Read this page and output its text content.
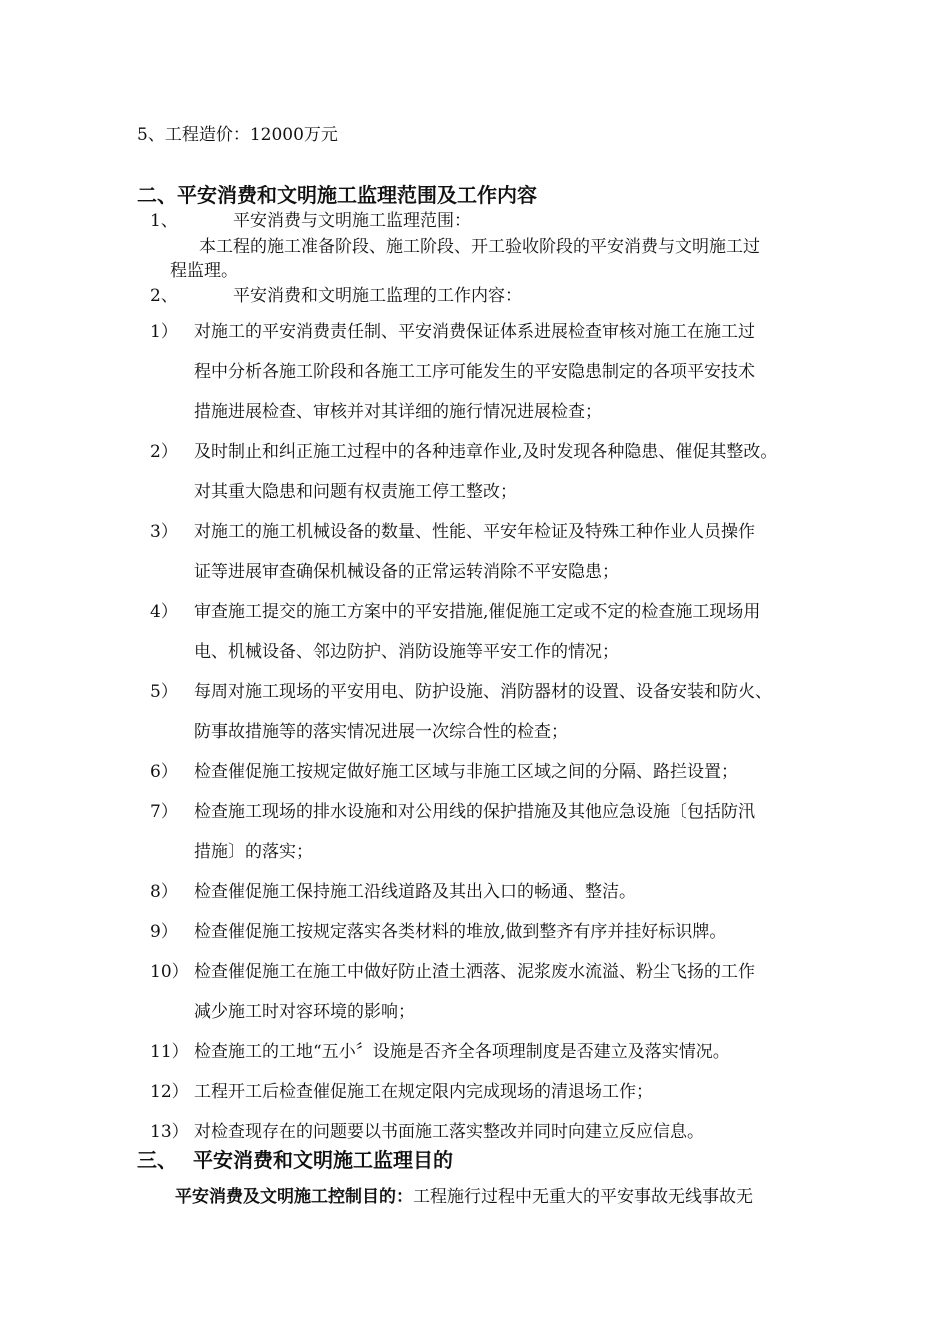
5、工程造价：12000万元
二、平安消费和文明施工监理范围及工作内容
1、	平安消费与文明施工监理范围：
本工程的施工准备阶段、施工阶段、开工验收阶段的平安消费与文明施工过
程监理。
2、	平安消费和文明施工监理的工作内容：
1） 对施工的平安消费责任制、平安消费保证体系进展检查审核对施工在施工过
程中分析各施工阶段和各施工工序可能发生的平安隐患制定的各项平安技术
措施进展检查、审核并对其详细的施行情况进展检查；
2） 及时制止和纠正施工过程中的各种违章作业,及时发现各种隐患、催促其整改。
对其重大隐患和问题有权责施工停工整改；
3） 对施工的施工机械设备的数量、性能、平安年检证及特殊工种作业人员操作
证等进展审查确保机械设备的正常运转消除不平安隐患；
4） 审查施工提交的施工方案中的平安措施,催促施工定或不定的检查施工现场用
电、机械设备、邻边防护、消防设施等平安工作的情况；
5） 每周对施工现场的平安用电、防护设施、消防器材的设置、设备安装和防火、
防事故措施等的落实情况进展一次综合性的检查；
6） 检查催促施工按规定做好施工区域与非施工区域之间的分隔、路拦设置；
7） 检查施工现场的排水设施和对公用线的保护措施及其他应急设施〔包括防汛
措施〕的落实；
8） 检查催促施工保持施工沿线道路及其出入口的畅通、整洁。
9） 检查催促施工按规定落实各类材料的堆放,做到整齐有序并挂好标识牌。
10） 检查催促施工在施工中做好防止渣土洒落、泥浆废水流溢、粉尘飞扬的工作
减少施工时对容环境的影响；
11） 检查施工的工地“五小〞设施是否齐全各项理制度是否建立及落实情况。
12） 工程开工后检查催促施工在规定限内完成现场的清退场工作；
13） 对检查现存在的问题要以书面施工落实整改并同时向建立反应信息。
三、 平安消费和文明施工监理目的
平安消费及文明施工控制目的：工程施行过程中无重大的平安事故无线事故无
